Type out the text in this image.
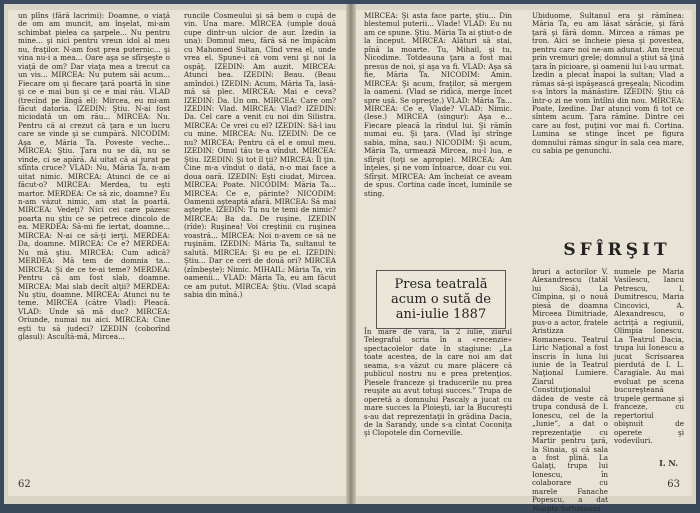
un plîns (fără lacrimi): Doamne, o viaţă de om am muncit, am înşelat, mi-am schimbat pielea ca şarpele... Nu pentru mine... şi nici pentru vreun idol al meu nu, fraţilor. N-am fost prea puternic... şi vina nu-i a mea... Oare aşa se sfîrşeşte o viaţă de om? Dar viaţa mea a trecut ca un vis... MIRCEA: Nu putem săi acum... Fiecare om şi fiecare ţară poartă în sine şi ce e mai bun şi ce e mai rău. VLAD (trecînd pe lîngă el): Mircea, eu mi-am făcut datoria. IZEDIN: Ştiu. N-ai fost niciodată un om rău... MIRCEA: Nu. Pentru că ai crezut că ţara e un lucru care se vinde şi se cumpără. NICODIM: Aşa e, Măria Ta. Poveste veche... MIRCEA: Ştiu. Ţara nu se dă, nu se vinde, ci se apără. Ai uitat că ai jurat pe sfînta cruce? VLAD: Nu, Măria Ta, n-am uitat nimic. MIRCEA: Atunci de ce ai făcut-o? MIRCEA: Merdea, tu eşti martor. MERDEA: Ce să zic, doamne? Eu n-am văzut nimic, am stat la poartă. MIRCEA: Vedeţi? Nici cei care păzesc poarta nu ştiu ce se petrece dincolo de ea. MERDEA: Să-mi fie iertat, doamne... MIRCEA: N-ai ce să-ţi ierţi. MERDEA: Da, doamne. MIRCEA: Ce e? MERDEA: Nu mă ştiu. MIRCEA: Cum adică? MERDEA: Mă tem de domnia ta... MIRCEA: Şi de ce te-ai teme? MERDEA: Pentru că am fost slab, doamne. MIRCEA: Mai slab decît alţii? MERDEA: Nu ştiu, doamne. MIRCEA: Atunci nu te teme. MIRCEA (către Vlad): Pleacă. VLAD: Unde să mă duc? MIRCEA: Oriunde, numai nu aici. MIRCEA: Cine eşti tu să judeci? IZEDIN (coborînd glasul): Ascultă-mă, Mircea...
runcile Cosmeului şi să bem o cupă de vin. Una mare. MIRCEA (umple două cupe dintr-un ulcior de aur. Izedin ia una): Domnul meu, fără să ne împăcăm cu Mahomed Sultan, Cînd vrea el, unde vrea el. Spune-i că vom veni şi noi la ospăţ. IZEDIN: Am auzit. MIRCEA: Atunci bea. IZEDIN: Beau. (Beau amîndoi.) IZEDIN: Acum, Măria Ta, lasă-mă să plec. MIRCEA: Mai e ceva? IZEDIN: Da. Un om. MIRCEA: Care om? IZEDIN: Vlad. MIRCEA: Vlad? IZEDIN: Da. Cel care a venit cu noi din Silistra. MIRCEA: Ce vrei cu el? IZEDIN: Să-l iau cu mine. MIRCEA: Nu. IZEDIN: De ce nu? MIRCEA: Pentru că el e omul meu. IZEDIN: Omul tău te-a vîndut. MIRCEA: Ştiu. IZEDIN: Şi tot îl ţii? MIRCEA: Îl ţin. Cine m-a vîndut o dată, n-o mai face a doua oară. IZEDIN: Eşti ciudat, Mircea. MIRCEA: Poate. NICODIM: Măria Ta... MIRCEA: Ce e, părinte? NICODIM: Oamenii aşteaptă afară. MIRCEA: Să mai aştepte. IZEDIN: Tu nu te temi de nimic? MIRCEA: Ba da. De ruşine. IZEDIN (rîde): Ruşinea! Voi creştinii cu ruşinea voastră... MIRCEA: Noi n-avem ce să ne ruşinăm. IZEDIN: Măria Ta, sultanul te salută. MIRCEA: Şi eu pe el. IZEDIN: Ştiu... Dar ce ceri de două ori? MIRCEA (zîmbeşte): Nimic. MIHAIL: Măria Ta, vin oamenii... VLAD: Măria Ta, eu am făcut ce am putut. MIRCEA: Ştiu. (Vlad scapă sabia din mînă.)
62
MIRCEA: Şi asta face parte, ştiu... Din blestemul puterii... Vlade! VLAD: Eu nu am ce spune. Ştiu. Măria Ta ai ştiut-o de la început. MIRCEA: Alături să stai, pînă la moarte. Tu, Mihail, şi tu, Nicodime. Totdeauna ţara a fost mai presus de noi, şi aşa va fi. VLAD: Aşa să fie, Măria Ta. NICODIM: Amin. MIRCEA: Şi acum, fraţilor, să mergem la oameni. (Vlad se ridică, merge încet spre ușă. Se opreşte.) VLAD: Măria Ta... MIRCEA: Ce e, Vlade? VLAD: Nimic. (Iese.) MIRCEA (singur): Aşa e... Fiecare pleacă la rîndul lui. Şi rămîn numai eu. Şi ţara. (Vlad îşi strînge sabia, mîna, sau.) NICODIM: Şi acum, Măria Ta, urmează Mircea, nu-l lua, e sfîrşit (toţi se apropie). MIRCEA: Am înţeles, şi ne vom întoarce, doar cu voi. Sfîrşit. MIRCEA: Am încheiat ce aveam de spus. Cortina cade încet, luminile se sting.
Ubiduome, Sultanul era şi rămînea: Măria Ta, eu am lăsat sărăcie, şi fără ţară şi fără domn. Mircea a rămas pe tron. Aici se încheie piesa şi povestea, pentru care noi ne-am adunat. Am trecut prin vremuri grele; domnul a ştiut să ţină ţara în picioare, şi oamenii lui l-au urmat. Izedin a plecat înapoi la sultan; Vlad a rămas să-şi ispăşească greşeala; Nicodim s-a întors la mănăstire. IZEDIN: Ştiu că într-o zi ne vom întîlni din nou. MIRCEA: Poate, Izedine. Dar atunci vom fi tot ce sîntem acum. Ţara rămîne. Dintre cei care au fost, puţini vor mai fi. Cortina. Lumina se stinge încet pe figura domnului rămas singur în sala cea mare, cu sabia pe genunchi.
SFÎRŞIT
Presa teatrală acum o sută de ani-iulie 1887
În mare de vară, la 2 iulie, ziarul Telegraful scria în a «recenzie» spectacolelor date în stagiune: „La toate acestea, de la care noi am dat seama, s-a văzut cu mare plăcere că publicul nostru nu e prea pretenţios. Piesele franceze şi traducerile nu prea reuşite au avut totuşi succes.” Trupa de operetă a domnului Pascaly a jucat cu mare succes la Ploieşti, iar la Bucureşti s-au dat reprezentaţii în grădina Dacia, de la Sarandy, unde s-a cîntat Coconiţa şi Clopotele din Corneville.
bruri a actorilor V. Alexandrescu (tatăl lui Sică), La Cîmpina, şi o nouă piesă de doamna Mirceea Dimitriade, pus-o a actor, fratele Aristizza Romanescu. Teatrul Liric Naţional a fost înscris în luna lui iunie de la Teatrul Naţional Lumiere. Ziarul Constituţionalul dădea de veste că trupa condusă de I. Ionescu, cel de la „Iunie”, a dat o reprezentaţie cu Martir pentru ţară, la Sinaia, şi că sala a fost plină. La Galaţi, trupa lui Ionescu, în colaborare cu marele Fanache Popescu, a dat Noapte furtunoasă.
numele pe Maria Vasilescu, Iancu Petrescu, I. Dumitrescu, Maria Cincovici, A. Alexandrescu, o actriţă a regiunii, Olimpia Ionescu. La Teatrul Dacia, trupa lui Ionescu a jucat Scrisoarea pierdută de I. L. Caragiale. Au mai evoluat pe scena bucureşteană trupele germane şi franceze, cu repertoriul obişnuit de operete şi vodeviluri.
I. N.
63
